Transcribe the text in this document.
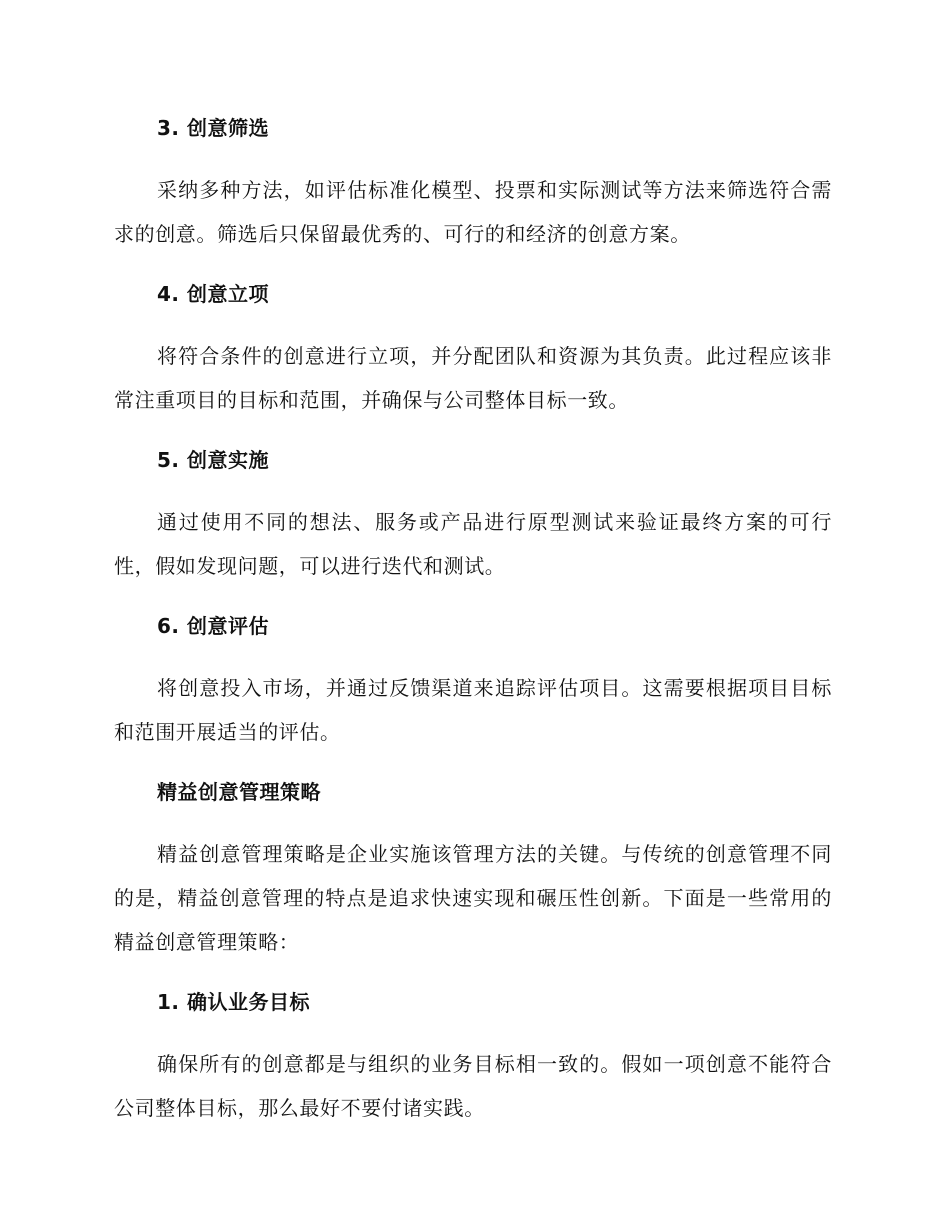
3. 创意筛选

采纳多种方法，如评估标准化模型、投票和实际测试等方法来筛选符合需求的创意。筛选后只保留最优秀的、可行的和经济的创意方案。

4. 创意立项

将符合条件的创意进行立项，并分配团队和资源为其负责。此过程应该非常注重项目的目标和范围，并确保与公司整体目标一致。

5. 创意实施

通过使用不同的想法、服务或产品进行原型测试来验证最终方案的可行性，假如发现问题，可以进行迭代和测试。

6. 创意评估

将创意投入市场，并通过反馈渠道来追踪评估项目。这需要根据项目目标和范围开展适当的评估。

精益创意管理策略

精益创意管理策略是企业实施该管理方法的关键。与传统的创意管理不同的是，精益创意管理的特点是追求快速实现和碾压性创新。下面是一些常用的精益创意管理策略：

1. 确认业务目标

确保所有的创意都是与组织的业务目标相一致的。假如一项创意不能符合公司整体目标，那么最好不要付诸实践。
